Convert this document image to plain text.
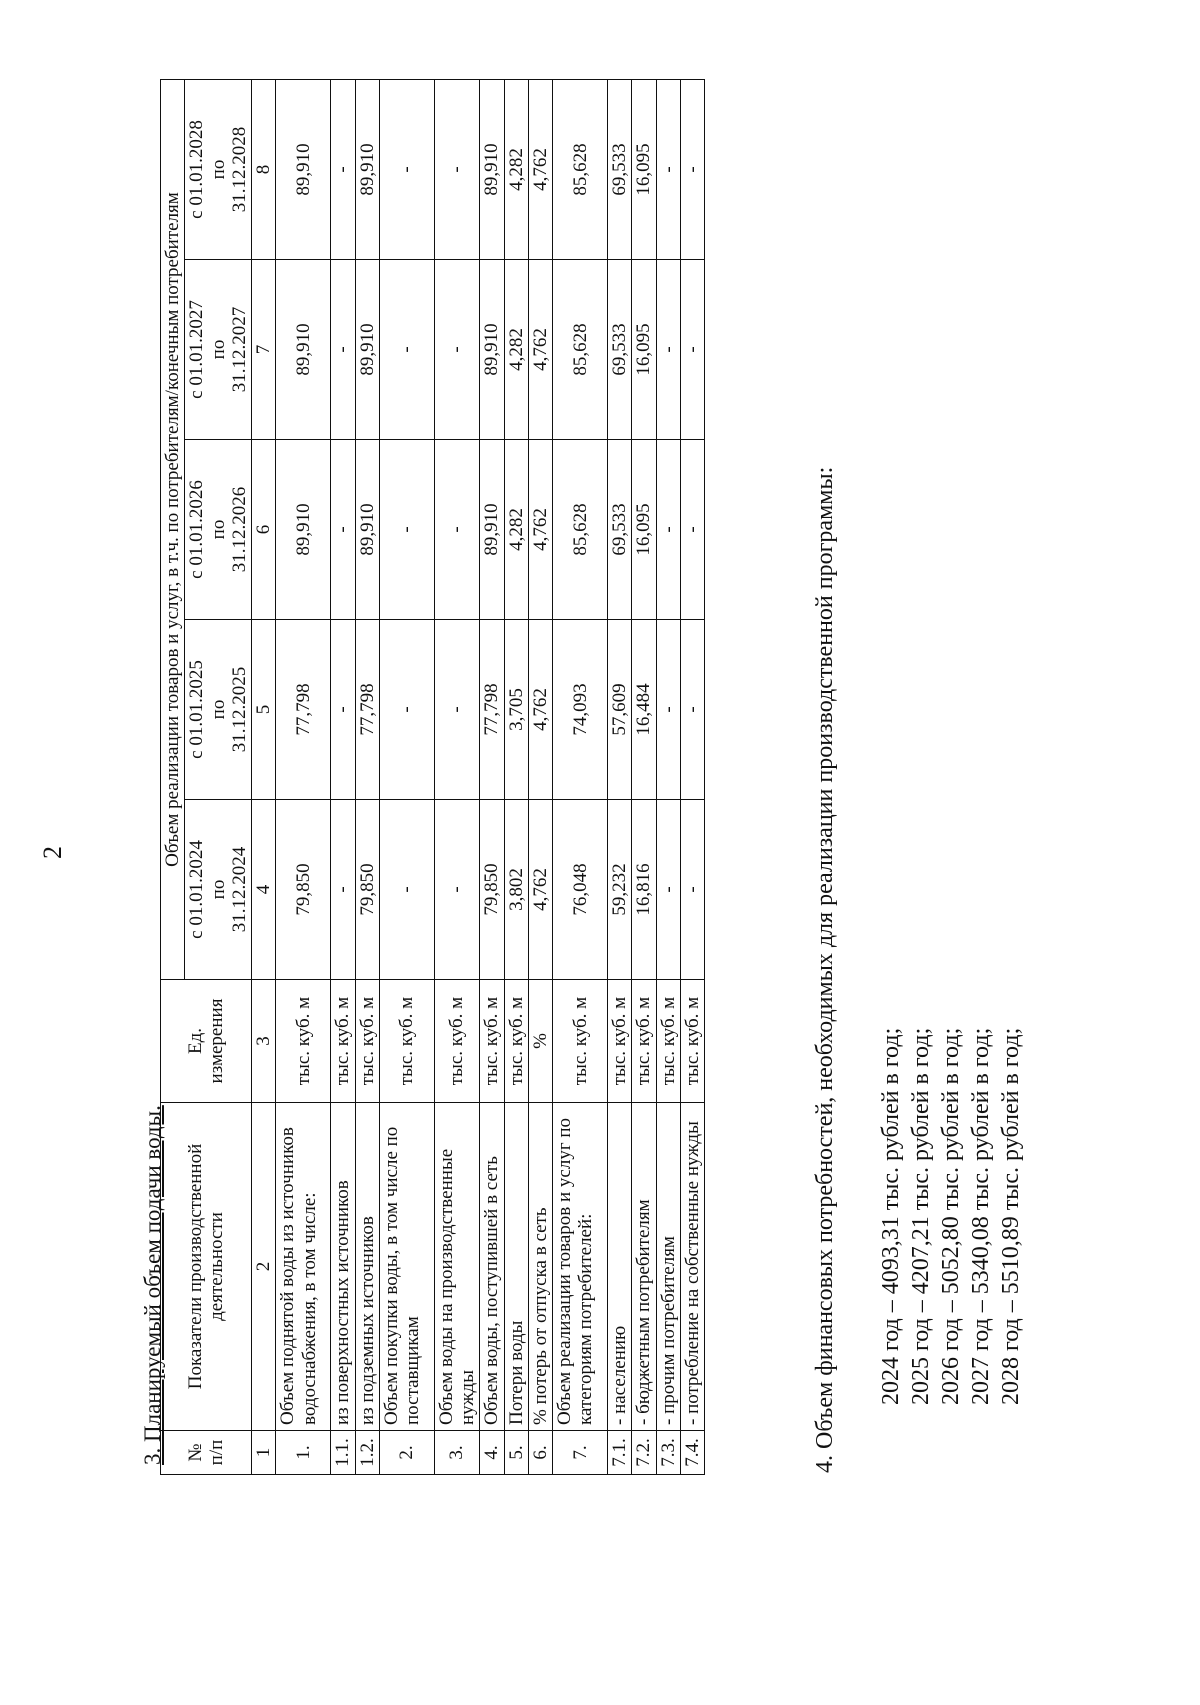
2
3. Планируемый объем подачи воды. № п/п	Показатели производственной деятельности	Ед. измерения	Объем реализации товаров и услуг, в т.ч. по потребителям/конечным потребителям				

			с 01.01.2024 по 31.12.2024	с 01.01.2025 по 31.12.2025	с 01.01.2026 по 31.12.2026	с 01.01.2027 по 31.12.2027	с 01.01.2028 по 31.12.2028

1	2	3	4	5	6	7	8
1.	Объем поднятой воды из источников водоснабжения, в том числе:	тыс. куб. м	79,850	77,798	89,910	89,910	89,910
1.1.	из поверхностных источников	тыс. куб. м	-	-	-	-	-
1.2.	из подземных источников	тыс. куб. м	79,850	77,798	89,910	89,910	89,910
2.	Объем покупки воды, в том числе по поставщикам	тыс. куб. м	-	-	-	-	-
3.	Объем воды на производственные нужды	тыс. куб. м	-	-	-	-	-
4.	Объем воды, поступившей в сеть	тыс. куб. м	79,850	77,798	89,910	89,910	89,910
5.	Потери воды	тыс. куб. м	3,802	3,705	4,282	4,282	4,282
6.	% потерь от отпуска в сеть	%	4,762	4,762	4,762	4,762	4,762
7.	Объем реализации товаров и услуг по категориям потребителей:	тыс. куб. м	76,048	74,093	85,628	85,628	85,628
7.1.	- населению	тыс. куб. м	59,232	57,609	69,533	69,533	69,533
7.2.	- бюджетным потребителям	тыс. куб. м	16,816	16,484	16,095	16,095	16,095
7.3.	- прочим потребителям	тыс. куб. м	-	-	-	-	-
7.4.	- потребление на собственные нужды	тыс. куб. м	-	-	-	-	-
4. Объем финансовых потребностей, необходимых для реализации производственной программы: 2024 год – 4093,31 тыс. рублей в год; 2025 год – 4207,21 тыс. рублей в год; 2026 год – 5052,80 тыс. рублей в год; 2027 год – 5340,08 тыс. рублей в год; 2028 год – 5510,89 тыс. рублей в год;
